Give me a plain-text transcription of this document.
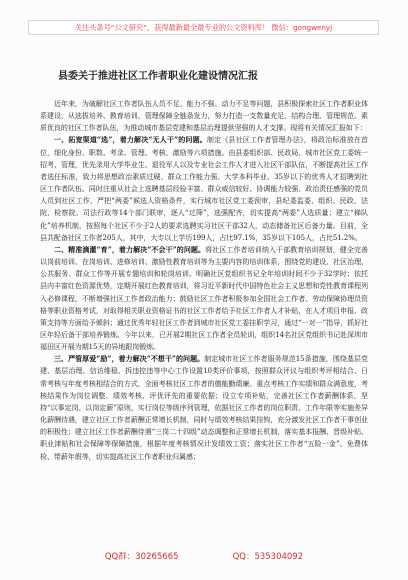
关注头条号“公文研究”，获得最新最全最专业的公文资料库！ 微信：gongwenyj
县委关于推进社区工作者职业化建设情况汇报

近年来，为破解社区工作者队伍人员不足、能力不强、动力不足等问题，县积极探索社区工作者职业体系建设，从选拔培养、教育培训、管理保障全链条发力，努力打造一支数量充足、结构合理、管理规范、素质优良的社区工作者队伍，为推动城市基层党建和基层治理提供坚强的人才支撑。现将有关情况汇报如下：

一、拓宽渠道“选”，着力解决“无人干”的问题。制定《县社区工作者管理办法》，将政治标准放在首位，细化身份、职数、考录、管理、考核、激励等六项措施。由县委组织部、民政局、城市社区党工委统一招考、管理，优先录用大学毕业生、退役军人以及专业社会工作人才进入社区干部队伍，不断提高社区工作者选任标准，致力将思想政治素质过硬、群众工作能力强、大学本科毕业、35岁以下的优秀人才招聘到社区工作者队伍。同时注重从社会上选聘基层经验丰富、群众威信较好、协调能力较强、政治责任感强的党员人员到社区工作，严把“两委”候选人资格条件，实行城市社区党工委预审，县纪委监委、组织、民政、法院、检察院、司法行政等14个部门联审，逐人“过筛”，选强配齐，切实提高“两委”人选质量；建立“梯队化”培养机制，按照每个社区不少于2人的要求选聘实习社区干部32人，动态储备社区后备力量。目前，全县共配备社区工作者205人，其中，大专以上学历199人，占比97.1%，35岁以下105人，占比51.2%。

二、精准滴灌“育”，着力解决“不会干”的问题。将社区工作者培训纳入干部教育培训规划，健全完善以岗前培训、在岗培训、进修培训、激励性教育培训等为主要内容的培训体系，围绕党的建设、社区治理、公共服务、群众工作等开展专题培训和轮岗培训。明确社区党组织书记全年培训时间不少于32学时；依托县内丰富红色资源优势，定期开展红色教育培训，将习近平新时代中国特色社会主义思想和党性教育课程列入必修课程，不断增强社区工作者政治能力；鼓励社区工作者积极参加全国社会工作者、劳动保障协理员资格等职业资格考试，对取得相关职业资格证书的社区工作者给予社区工作者人才补贴，在人才项目申报、政策支持等方面给予倾斜；通过优秀年轻社区工作者到城市社区党工委挂职学习，通过“一对一”指导，抓好社区年轻后备干部培养锻炼。今年以来，已开展2期社区工作者全员轮训，组织14名社区党组织书记赴深圳市福田区开展为期15天的异地跟岗锻炼。

三、严管厚爱“励”，着力解决“不想干”的问题。制定城市社区工作者服务规范15条措施，围绕基层党建、基层治理、信访维稳、拆违控违等中心工作设置10类评价事项，按照群众评议与组织考评相结合、日常考核与年度考核相结合的方式，全面考核社区工作者的德能勤绩廉。重点考核工作实绩和群众满意度，考核结果作为岗位调整、绩效考核、评优评先的重要依据；设立专项补贴，完善社区工作者薪酬体系，坚持“以事定岗、以岗定薪”原则，实行岗位等级序列管理，依据社区工作者的岗位职责、工作年限等实施差异化薪酬待遇，建立社区工作者薪酬正常增长机制，同时与绩效考核结果挂钩，充分激发社区工作者干事创业的积极性；建立社区工作者薪酬待遇“三岗二十四级”动态调整和正常增长机制，落实基本报酬、晋级补贴、职业津贴和社会保障等保障措施，根据年度考核情况计发绩效工资；落实社区工作者“五险一金”、免费体检、带薪年假等，切实提高社区工作者职业归属感；

QQ群：30265665	QQ：535304092
